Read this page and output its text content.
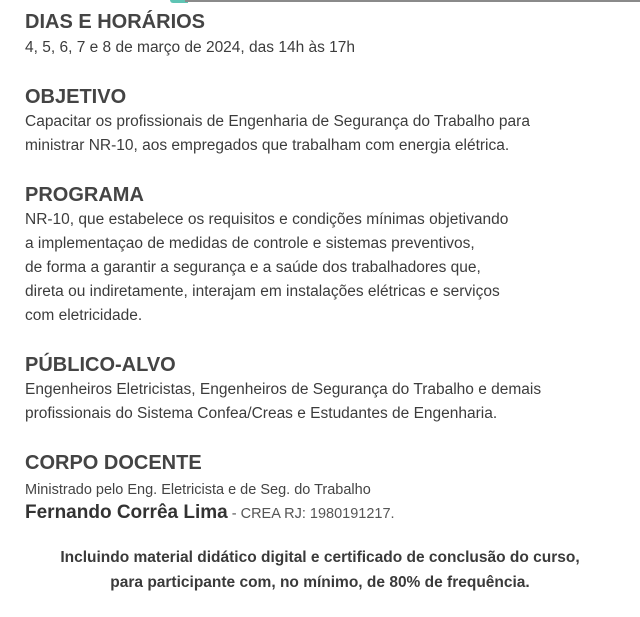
DIAS E HORÁRIOS

4, 5, 6, 7 e 8 de março de 2024, das 14h às 17h

OBJETIVO

Capacitar os profissionais de Engenharia de Segurança do Trabalho para
ministrar NR-10, aos empregados que trabalham com energia elétrica.

PROGRAMA

NR-10, que estabelece os requisitos e condições mínimas objetivando
a implementaçao de medidas de controle e sistemas preventivos,
de forma a garantir a segurança e a saúde dos trabalhadores que,
direta ou indiretamente, interajam em instalações elétricas e serviços
com eletricidade.

PÚBLICO-ALVO

Engenheiros Eletricistas, Engenheiros de Segurança do Trabalho e demais
profissionais do Sistema Confea/Creas e Estudantes de Engenharia.

CORPO DOCENTE
Ministrado pelo Eng. Eletricista e de Seg. do Trabalho
Fernando Corrêa Lima - CREA RJ: 1980191217.
Incluindo material didático digital e certificado de conclusão do curso,
para participante com, no mínimo, de 80% de frequência.
